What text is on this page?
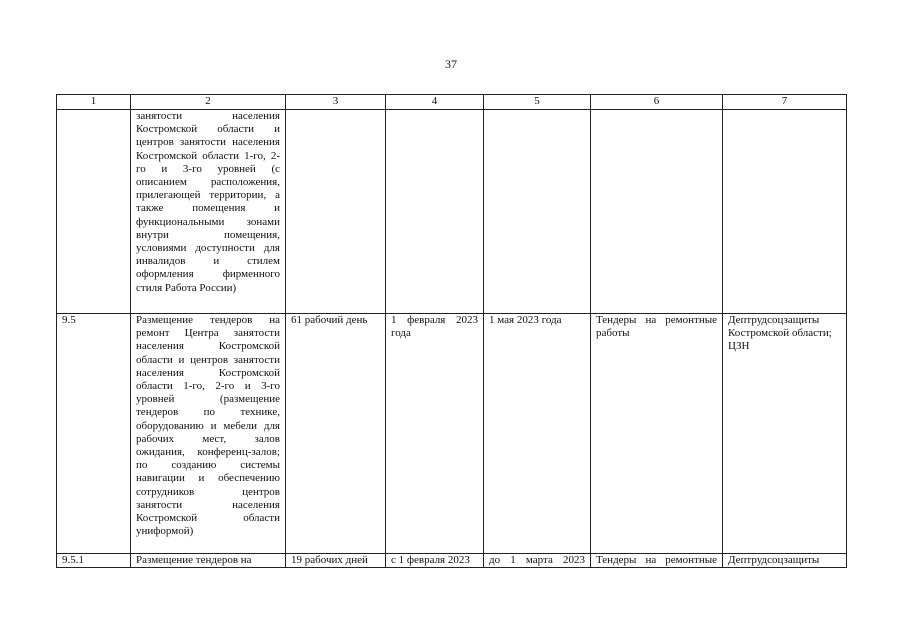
37
1	2	3	4	5	6	7
	занятости населения Костромской области и центров занятости населения Костромской области 1-го, 2-го и 3-го уровней (с описанием расположения, прилегающей территории, а также помещения и функциональными зонами внутри помещения, условиями доступности для инвалидов и стилем оформления фирменного стиля Работа России)					
9.5	Размещение тендеров на ремонт Центра занятости населения Костромской области и центров занятости населения Костромской области 1-го, 2-го и 3-го уровней (размещение тендеров по технике, оборудованию и мебели для рабочих мест, залов ожидания, конференц-залов; по созданию системы навигации и обеспечению сотрудников центров занятости населения Костромской области униформой)	61 рабочий день	1 февраля 2023 года	1 мая 2023 года	Тендеры на ремонтные работы	Дептрудсоцзащиты Костромской области; ЦЗН
9.5.1	Размещение тендеров на	19 рабочих дней	с 1 февраля 2023	до 1 марта 2023	Тендеры на ремонтные	Дептрудсоцзащиты
